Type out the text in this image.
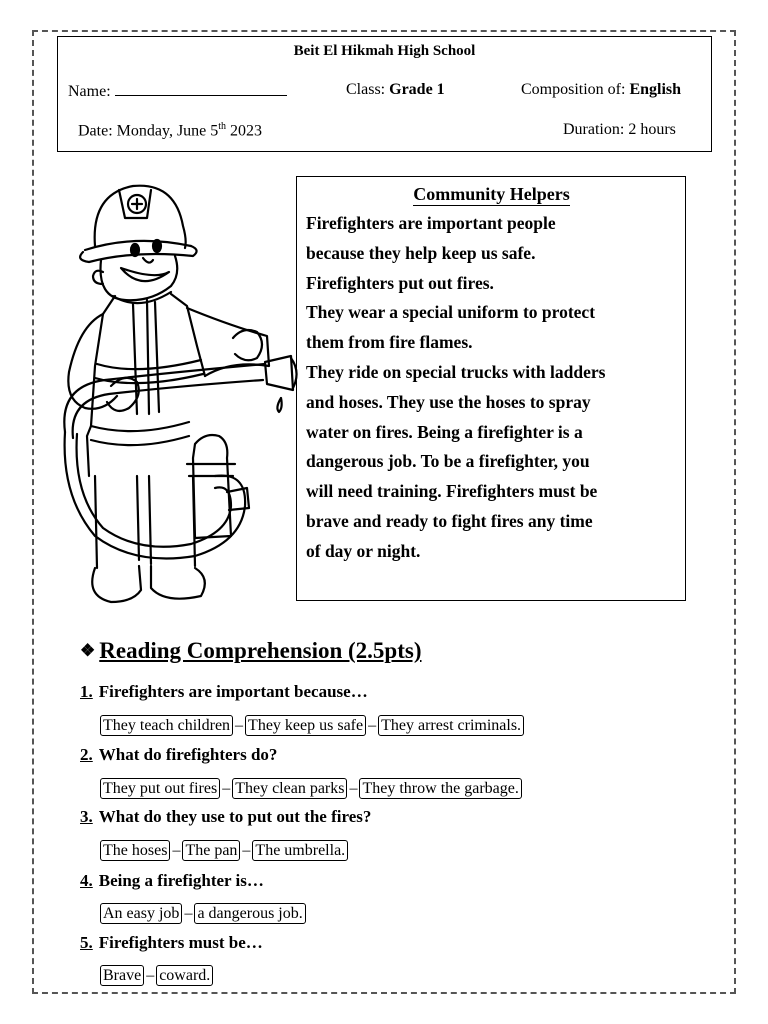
Beit El Hikmah High School
Name:	Class: Grade 1	Composition of: English
Date: Monday, June 5th 2023	Duration: 2 hours
Community Helpers

Firefighters are important people
because they help keep us safe.
Firefighters put out fires.
They wear a special uniform to protect
them from fire flames.
They ride on special trucks with ladders
and hoses. They use the hoses to spray
water on fires. Being a firefighter is a
dangerous job. To be a firefighter, you
will need training. Firefighters must be
brave and ready to fight fires any time
of day or night.

❖ Reading Comprehension (2.5pts)
1. Firefighters are important because…
They teach children – They keep us safe – They arrest criminals.
2. What do firefighters do?
They put out fires – They clean parks – They throw the garbage.
3. What do they use to put out the fires?
The hoses – The pan – The umbrella.
4. Being a firefighter is…
An easy job – a dangerous job.
5. Firefighters must be…
Brave – coward.
